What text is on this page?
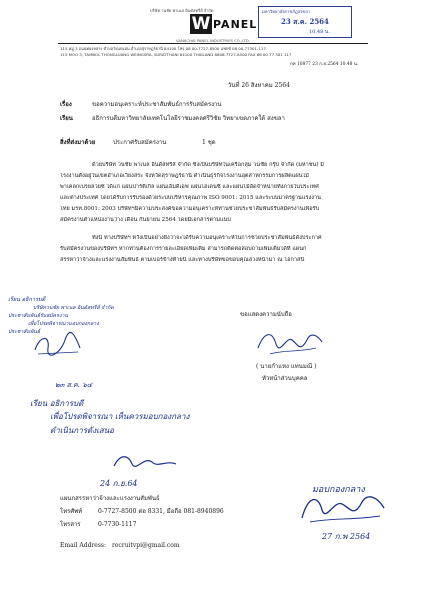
บริษัท วนชัย พาเนล อินดัสทรีส์ จำกัด
W PANEL
VANACHAI PANEL INDUSTRIES CO.,LTD.
115 หมู่ 3 ถนนทองหลาง ตำบลวังนกแอ่น อำเภอสุราษฎร์ธานี 84100 โทร 08 00-7727-8500 แฟกซ์ 08 00-77301-117
115 MOO 3, TAMBOL THONGLUANG WEINGSRA, SURATTHANI 84100 THAILAND 8808-7727-8500 FAX 66 00 77 301 117
มหาวิทยาลัยราชภัฏสงขลา
23 ส.ค. 2564
10.48 น.
กท 10877 23 ก.ย.2564 10.48 น.
วันที่ 26 สิงหาคม 2564
เรื่อง	ขอความอนุเคราะห์ประชาสัมพันธ์การรับสมัครงาน
เรียน	อธิการบดีมหาวิทยาลัยเทคโนโลยีราชมงคลศรีวิชัย วิทยาเขตภาคใต้ สงขลา
สิ่งที่ส่งมาด้วย	ประกาศรับสมัครงาน	1 ชุด
ด้วยบริษัท วนชัย พาเนล อินดัสทรีส์ จำกัด ซึ่งเป็นบริษัทในเครือกลุ่ม วนชัย กรุ๊ป จำกัด (มหาชน) มี
โรงงานตั้งอยู่ในเขตอำเภอเวียงสระ จังหวัดสุราษฎร์ธานี ดำเนินธุรกิจโรงงานอุตสาหกรรมการผลิตแผ่นไม้
พาเคลกเบรยลวยซ์ ได้แก่ แผ่นปาร์ติเกิ้ล แผ่นเอ็มดีเอฟ แผ่นไฮเดนซิ และแผ่นไม้อัดจำหน่ายทั้งภายในประเทศ
และต่างประเทศ โดยได้รับการรับรองด้วยระบบบริหารคุณภาพ ISO 9001: 2015 และระบบมาตรฐานแรงงาน
ไทย มรท.8001: 2003 บริษัทฯมีความประสงค์ขอความอนุเคราะห์ท่านช่วยประชาสัมพันธ์รับสมัครงานเพื่อรับ
สมัครงานตำแหน่งงานว่าง เดือน กันยายน 2564 โดยมีเอกสารตามแนบ
ทั้งนี้ ทางบริษัทฯ หวังเป็นอย่างยิ่งว่าจะได้รับความอนุเคราะห์ในการช่วยประชาสัมพันธ์ดังประกาศ
รับสมัครงานของบริษัทฯ หากท่านต้องการรายละเอียดเพิ่มเติม สามารถติดต่อสอบถามเพิ่มเติมได้ที่ แผนก
สรรหาว่าจ้างและแรงงานสัมพันธ์ ตามเบอร์ข้างท้ายนี้ และทางบริษัทขอขอบคุณล่วงหน้ามา ณ โอกาสนี้
เรียน อธิการบดี
บริษัทวนชัย พาเนล อินดัสทรีส์ จำกัด
ประชาสัมพันธ์รับสมัครงาน
เพื่อโปรดพิจารณามอบกองกลาง
ประชาสัมพันธ์
๒๓ ส.ค. ๖๔
ขอแสดงความนับถือ
( นายกำแหง แทนมณี )
หัวหน้าส่วนบุคคล
เรียน อธิการบดี
เพื่อโปรดพิจารณา เห็นควรมอบกองกลาง
ดำเนินการดังเสนอ
24 ก.ย.64
แผนกสรรหาว่าจ้างและแรงงานสัมพันธ์
โทรศัพท์	0-7727-8500 ต่อ 8331, มือถือ 081-8940896
โทรสาร	0-7730-1117
Email Address: recruitvpi@gmail.com
มอบกองกลาง
27 ก.พ 2564
